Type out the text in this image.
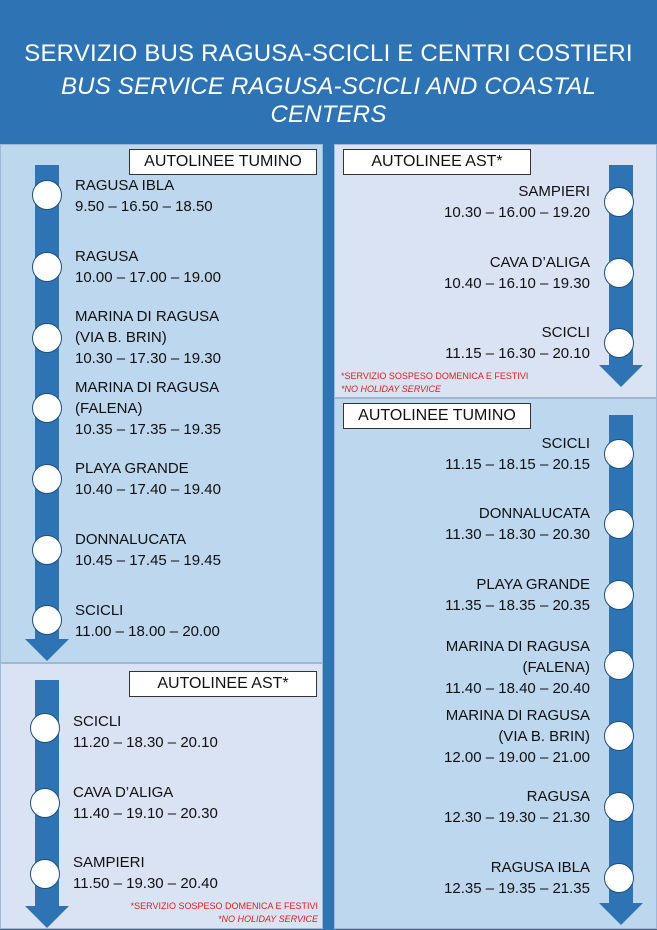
SERVIZIO BUS RAGUSA-SCICLI E CENTRI COSTIERI
BUS SERVICE RAGUSA-SCICLI AND COASTAL CENTERS
AUTOLINEE TUMINO
RAGUSA IBLA
9.50 – 16.50 – 18.50
RAGUSA
10.00 – 17.00 – 19.00
MARINA DI RAGUSA
(VIA B. BRIN)
10.30 – 17.30 – 19.30
MARINA DI RAGUSA
(FALENA)
10.35 – 17.35 – 19.35
PLAYA GRANDE
10.40 – 17.40 – 19.40
DONNALUCATA
10.45 – 17.45 – 19.45
SCICLI
11.00 – 18.00 – 20.00
AUTOLINEE AST*
SCICLI
11.20 – 18.30 – 20.10
CAVA D’ALIGA
11.40 – 19.10 – 20.30
SAMPIERI
11.50 – 19.30 – 20.40
*SERVIZIO SOSPESO DOMENICA E FESTIVI
*NO HOLIDAY SERVICE
AUTOLINEE AST*
SAMPIERI
10.30 – 16.00 – 19.20
CAVA D’ALIGA
10.40 – 16.10 – 19.30
SCICLI
11.15 – 16.30 – 20.10
*SERVIZIO SOSPESO DOMENICA E FESTIVI
*NO HOLIDAY SERVICE
AUTOLINEE TUMINO
SCICLI
11.15 – 18.15 – 20.15
DONNALUCATA
11.30 – 18.30 – 20.30
PLAYA GRANDE
11.35 – 18.35 – 20.35
MARINA DI RAGUSA
(FALENA)
11.40 – 18.40 – 20.40
MARINA DI RAGUSA
(VIA B. BRIN)
12.00 – 19.00 – 21.00
RAGUSA
12.30 – 19.30 – 21.30
RAGUSA IBLA
12.35 – 19.35 – 21.35
